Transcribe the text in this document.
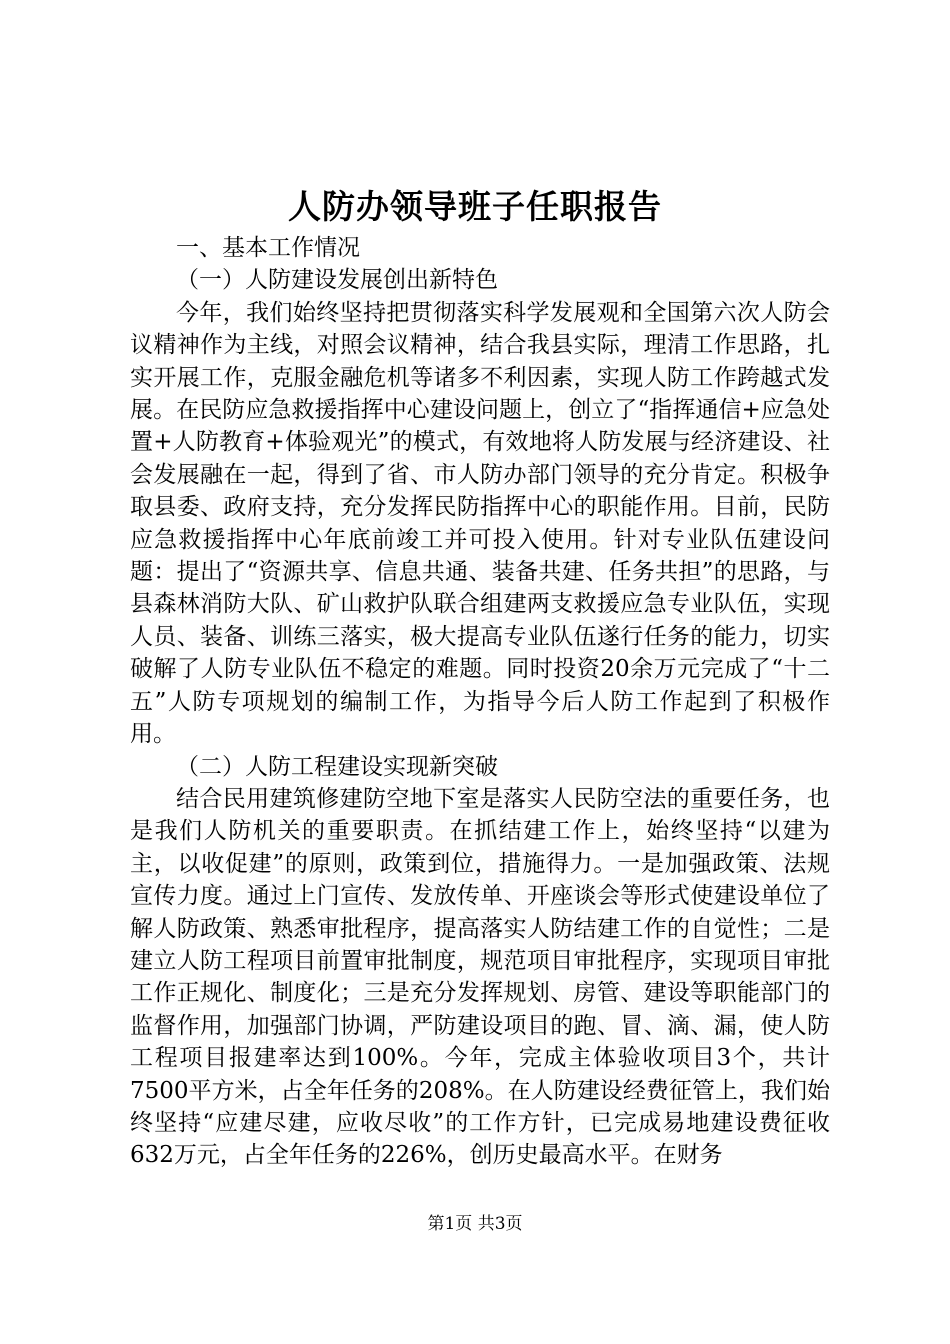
人防办领导班子任职报告

一、基本工作情况

（一）人防建设发展创出新特色

今年，我们始终坚持把贯彻落实科学发展观和全国第六次人防会议精神作为主线，对照会议精神，结合我县实际，理清工作思路，扎实开展工作，克服金融危机等诸多不利因素，实现人防工作跨越式发展。在民防应急救援指挥中心建设问题上，创立了“指挥通信+应急处置+人防教育+体验观光”的模式，有效地将人防发展与经济建设、社会发展融在一起，得到了省、市人防办部门领导的充分肯定。积极争取县委、政府支持，充分发挥民防指挥中心的职能作用。目前，民防应急救援指挥中心年底前竣工并可投入使用。针对专业队伍建设问题：提出了“资源共享、信息共通、装备共建、任务共担”的思路，与县森林消防大队、矿山救护队联合组建两支救援应急专业队伍，实现人员、装备、训练三落实，极大提高专业队伍遂行任务的能力，切实破解了人防专业队伍不稳定的难题。同时投资20余万元完成了“十二五”人防专项规划的编制工作，为指导今后人防工作起到了积极作用。

（二）人防工程建设实现新突破

结合民用建筑修建防空地下室是落实人民防空法的重要任务，也是我们人防机关的重要职责。在抓结建工作上，始终坚持“以建为主，以收促建”的原则，政策到位，措施得力。一是加强政策、法规宣传力度。通过上门宣传、发放传单、开座谈会等形式使建设单位了解人防政策、熟悉审批程序，提高落实人防结建工作的自觉性；二是建立人防工程项目前置审批制度，规范项目审批程序，实现项目审批工作正规化、制度化；三是充分发挥规划、房管、建设等职能部门的监督作用，加强部门协调，严防建设项目的跑、冒、滴、漏，使人防工程项目报建率达到100%。今年，完成主体验收项目3个，共计7500平方米，占全年任务的208%。在人防建设经费征管上，我们始终坚持“应建尽建，应收尽收”的工作方针，已完成易地建设费征收632万元，占全年任务的226%，创历史最高水平。在财务

第1页 共3页
